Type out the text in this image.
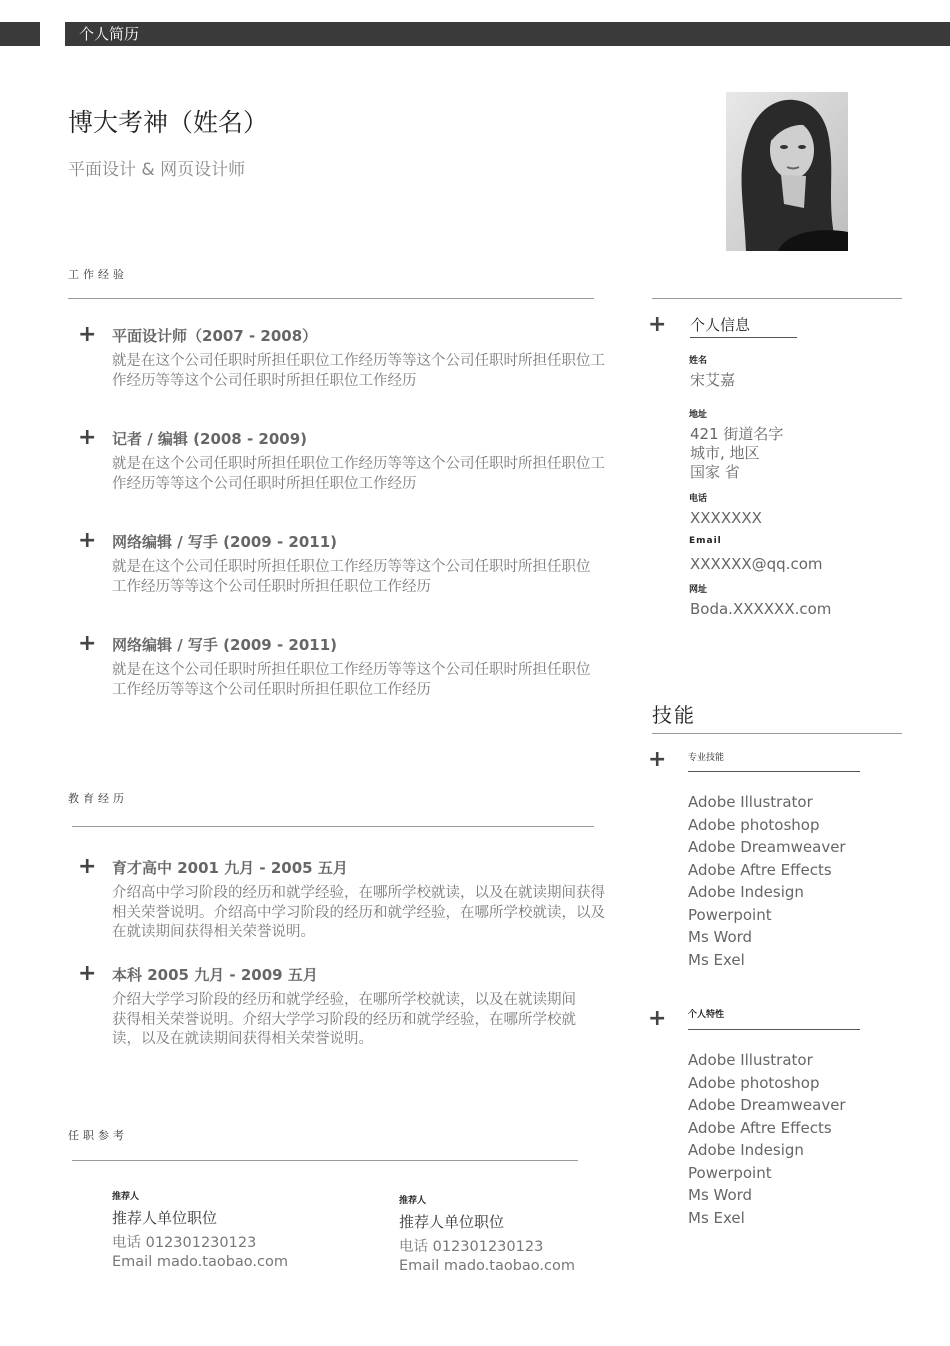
个人简历
博大考神（姓名）
平面设计 & 网页设计师
工作经验
+ 平面设计师（2007 - 2008）
就是在这个公司任职时所担任职位工作经历等等这个公司任职时所担任职位工作经历等等这个公司任职时所担任职位工作经历
+ 记者 / 编辑 (2008 - 2009)
就是在这个公司任职时所担任职位工作经历等等这个公司任职时所担任职位工作经历等等这个公司任职时所担任职位工作经历
+ 网络编辑 / 写手 (2009 - 2011)
就是在这个公司任职时所担任职位工作经历等等这个公司任职时所担任职位工作经历等等这个公司任职时所担任职位工作经历
+ 网络编辑 / 写手 (2009 - 2011)
就是在这个公司任职时所担任职位工作经历等等这个公司任职时所担任职位工作经历等等这个公司任职时所担任职位工作经历
教育经历
+ 育才高中 2001 九月 - 2005 五月
介绍高中学习阶段的经历和就学经验，在哪所学校就读，以及在就读期间获得相关荣誉说明。介绍高中学习阶段的经历和就学经验，在哪所学校就读，以及在就读期间获得相关荣誉说明。
+ 本科 2005 九月 - 2009 五月
介绍大学学习阶段的经历和就学经验，在哪所学校就读，以及在就读期间获得相关荣誉说明。介绍大学学习阶段的经历和就学经验，在哪所学校就读，以及在就读期间获得相关荣誉说明。
任职参考
推荐人
推荐人单位职位
电话 012301230123
Email mado.taobao.com
推荐人
推荐人单位职位
电话 012301230123
Email mado.taobao.com
+ 个人信息
姓名
宋艾嘉
地址
421 街道名字
城市, 地区
国家 省
电话
XXXXXXX
Email
XXXXXX@qq.com
网址
Boda.XXXXXX.com
技能
+ 专业技能
Adobe Illustrator
Adobe photoshop
Adobe Dreamweaver
Adobe Aftre Effects
Adobe Indesign
Powerpoint
Ms Word
Ms Exel
+ 个人特性
Adobe Illustrator
Adobe photoshop
Adobe Dreamweaver
Adobe Aftre Effects
Adobe Indesign
Powerpoint
Ms Word
Ms Exel
